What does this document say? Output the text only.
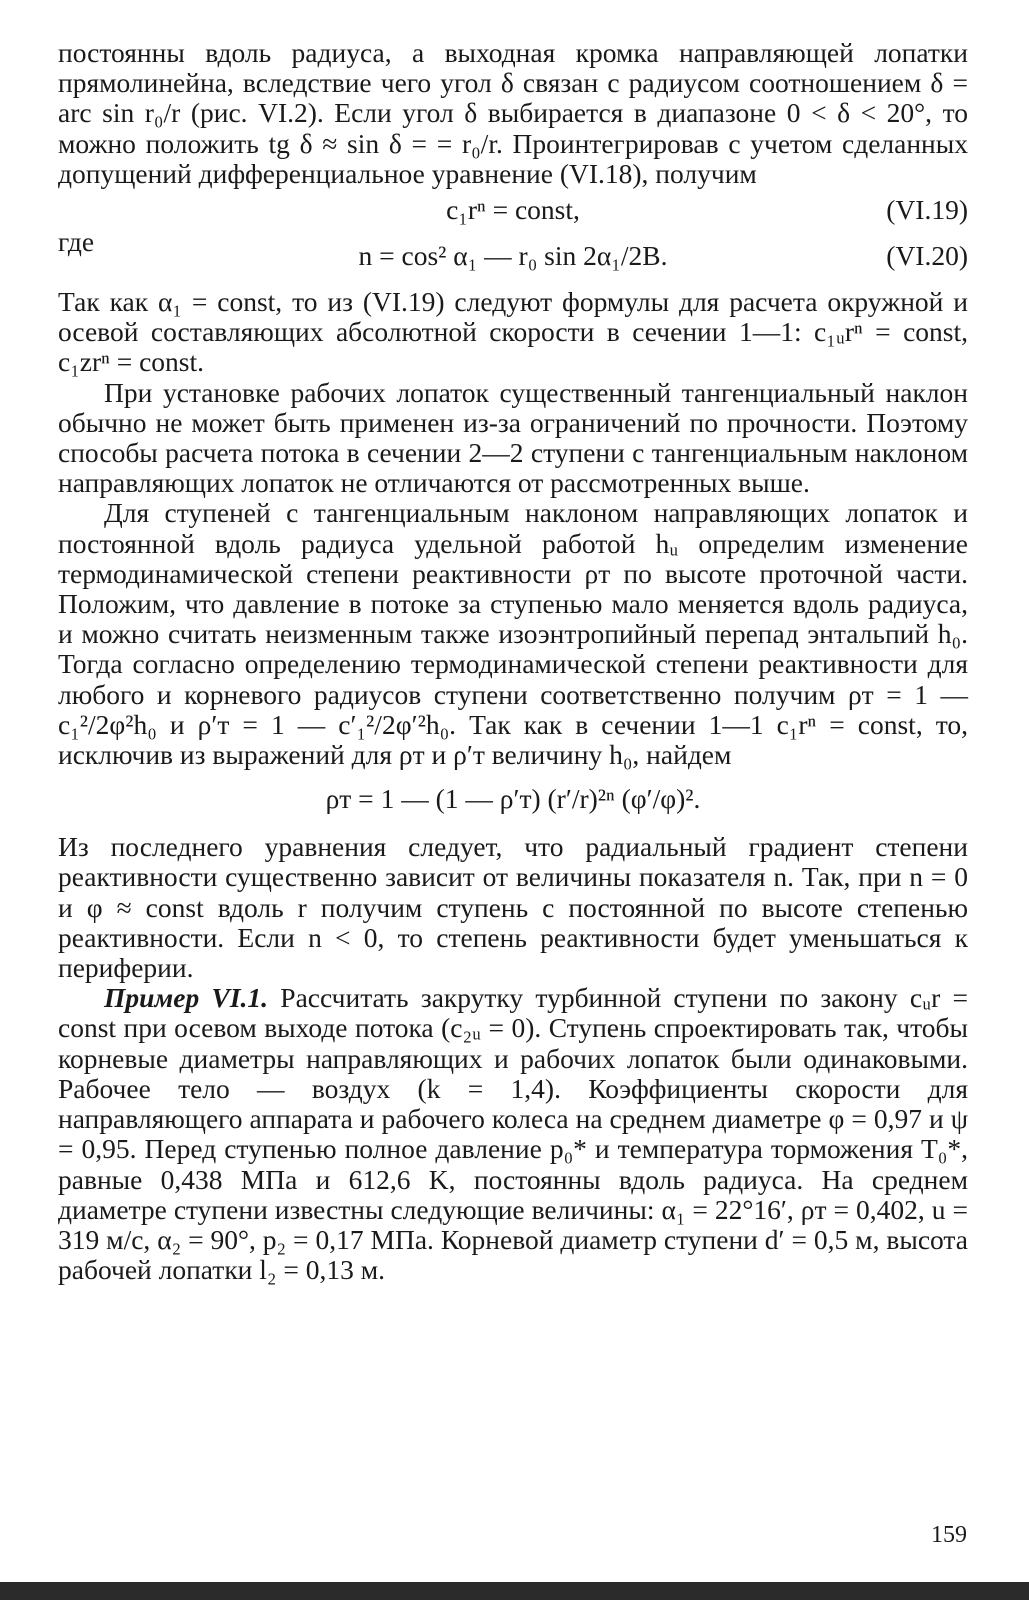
постоянны вдоль радиуса, а выходная кромка направляющей лопатки прямолинейна, вследствие чего угол δ связан с радиусом соотношением δ = arc sin r₀/r (рис. VI.2). Если угол δ выбирается в диапазоне 0 < δ < 20°, то можно положить tg δ ≈ sin δ = = r₀/r. Проинтегрировав с учетом сделанных допущений дифференциальное уравнение (VI.18), получим

c₁rⁿ = const,	(VI.19)
где	n = cos² α₁ — r₀ sin 2α₁/2B.	(VI.20)

Так как α₁ = const, то из (VI.19) следуют формулы для расчета окружной и осевой составляющих абсолютной скорости в сечении 1—1: c₁ᵤrⁿ = const, c₁zrⁿ = const.

При установке рабочих лопаток существенный тангенциальный наклон обычно не может быть применен из-за ограничений по прочности. Поэтому способы расчета потока в сечении 2—2 ступени с тангенциальным наклоном направляющих лопаток не отличаются от рассмотренных выше.

Для ступеней с тангенциальным наклоном направляющих лопаток и постоянной вдоль радиуса удельной работой hᵤ определим изменение термодинамической степени реактивности ρт по высоте проточной части. Положим, что давление в потоке за ступенью мало меняется вдоль радиуса, и можно считать неизменным также изоэнтропийный перепад энтальпий h₀. Тогда согласно определению термодинамической степени реактивности для любого и корневого радиусов ступени соответственно получим ρт = 1 — c₁²/2φ²h₀ и ρ′т = 1 — c′₁²/2φ′²h₀. Так как в сечении 1—1 c₁rⁿ = const, то, исключив из выражений для ρт и ρ′т величину h₀, найдем

ρт = 1 — (1 — ρ′т) (r′/r)²ⁿ (φ′/φ)².

Из последнего уравнения следует, что радиальный градиент степени реактивности существенно зависит от величины показателя n. Так, при n = 0 и φ ≈ const вдоль r получим ступень с постоянной по высоте степенью реактивности. Если n < 0, то степень реактивности будет уменьшаться к периферии.

Пример VI.1. Рассчитать закрутку турбинной ступени по закону cᵤr = const при осевом выходе потока (c₂ᵤ = 0). Ступень спроектировать так, чтобы корневые диаметры направляющих и рабочих лопаток были одинаковыми. Рабочее тело — воздух (k = 1,4). Коэффициенты скорости для направляющего аппарата и рабочего колеса на среднем диаметре φ = 0,97 и ψ = 0,95. Перед ступенью полное давление p₀* и температура торможения T₀*, равные 0,438 МПа и 612,6 K, постоянны вдоль радиуса. На среднем диаметре ступени известны следующие величины: α₁ = 22°16′, ρт = 0,402, u = 319 м/с, α₂ = 90°, p₂ = 0,17 МПа. Корневой диаметр ступени d′ = 0,5 м, высота рабочей лопатки l₂ = 0,13 м.

159
